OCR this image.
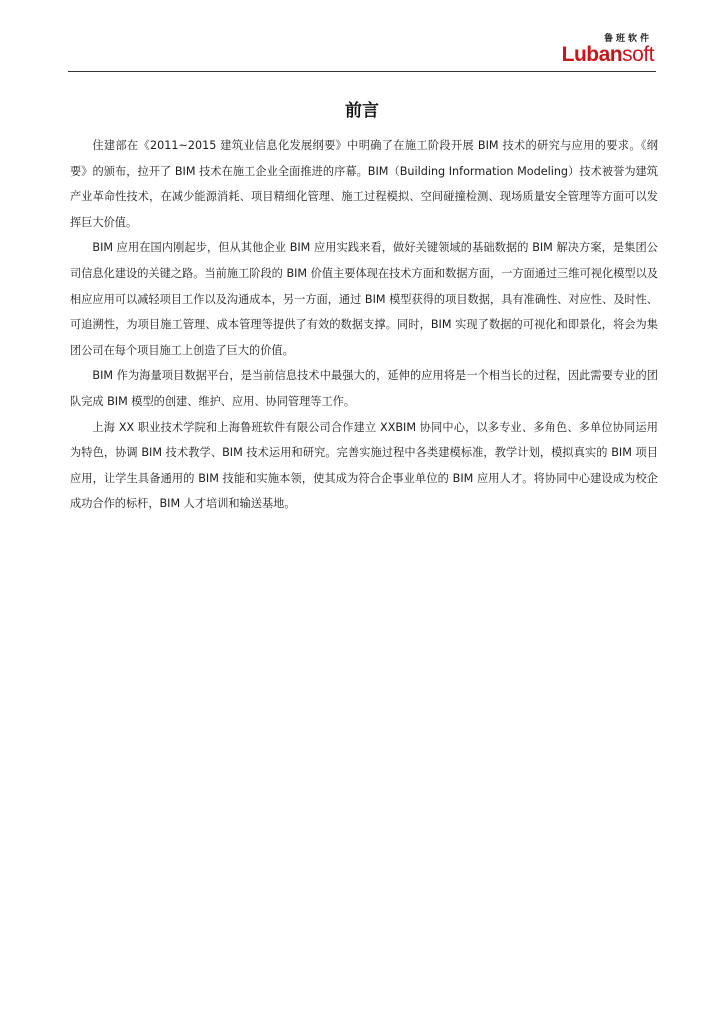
鲁班软件
Lubansoft
前言

住建部在《2011~2015 建筑业信息化发展纲要》中明确了在施工阶段开展 BIM 技术的研究与应用的要求。《纲要》的颁布，拉开了 BIM 技术在施工企业全面推进的序幕。BIM（Building Information Modeling）技术被誉为建筑产业革命性技术，在减少能源消耗、项目精细化管理、施工过程模拟、空间碰撞检测、现场质量安全管理等方面可以发挥巨大价值。

BIM 应用在国内刚起步，但从其他企业 BIM 应用实践来看，做好关键领域的基础数据的 BIM 解决方案，是集团公司信息化建设的关键之路。当前施工阶段的 BIM 价值主要体现在技术方面和数据方面，一方面通过三维可视化模型以及相应应用可以减轻项目工作以及沟通成本，另一方面，通过 BIM 模型获得的项目数据，具有准确性、对应性、及时性、可追溯性，为项目施工管理、成本管理等提供了有效的数据支撑。同时，BIM 实现了数据的可视化和即景化，将会为集团公司在每个项目施工上创造了巨大的价值。

BIM 作为海量项目数据平台，是当前信息技术中最强大的，延伸的应用将是一个相当长的过程，因此需要专业的团队完成 BIM 模型的创建、维护、应用、协同管理等工作。

上海 XX 职业技术学院和上海鲁班软件有限公司合作建立 XXBIM 协同中心，以多专业、多角色、多单位协同运用为特色，协调 BIM 技术教学、BIM 技术运用和研究。完善实施过程中各类建模标准，教学计划，模拟真实的 BIM 项目应用，让学生具备通用的 BIM 技能和实施本领，使其成为符合企事业单位的 BIM 应用人才。将协同中心建设成为校企成功合作的标杆，BIM 人才培训和输送基地。
